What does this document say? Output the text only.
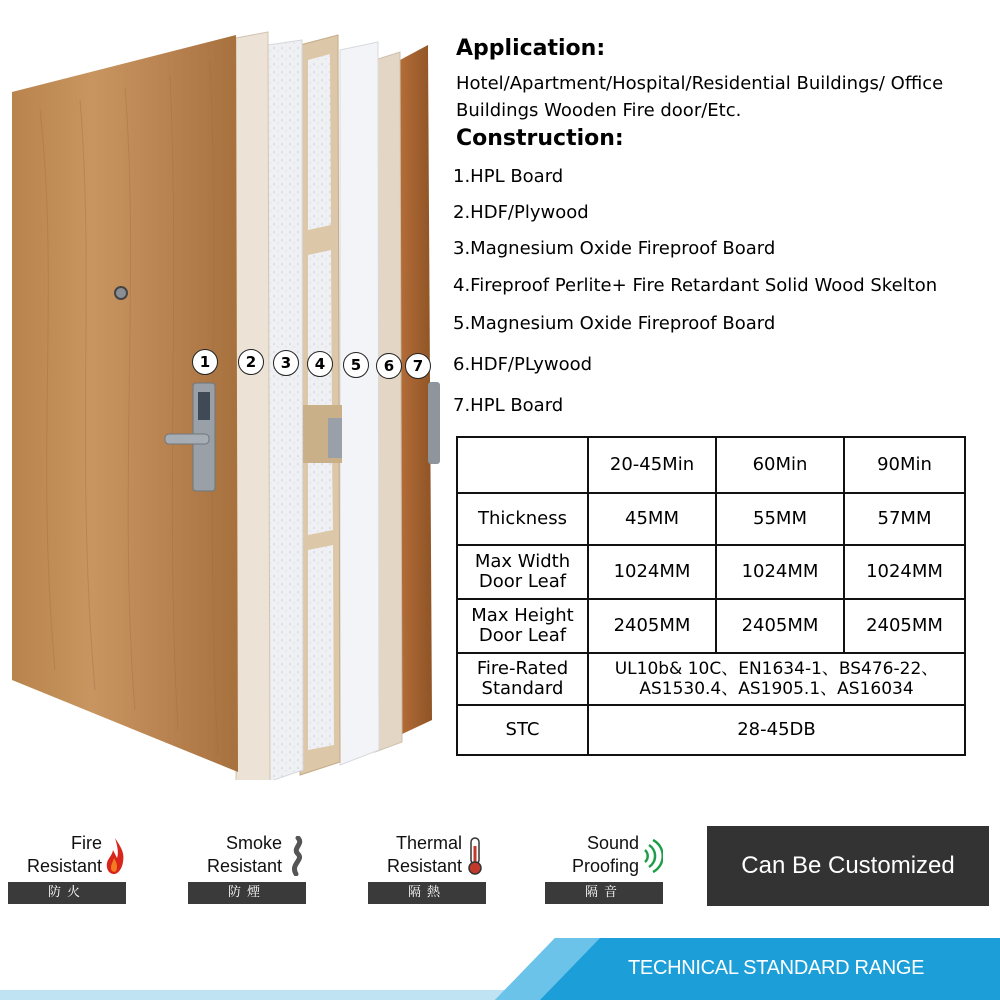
1	2	3	4	5	6	7
Application:
Hotel/Apartment/Hospital/Residential Buildings/ Office Buildings Wooden Fire door/Etc.
Construction:
1.HPL Board
2.HDF/Plywood
3.Magnesium Oxide Fireproof Board
4.Fireproof Perlite+ Fire Retardant Solid Wood Skelton
5.Magnesium Oxide Fireproof Board
6.HDF/PLywood
7.HPL Board
	20-45Min	60Min	90Min
Thickness	45MM	55MM	57MM
Max Width Door Leaf	1024MM	1024MM	1024MM
Max Height Door Leaf	2405MM	2405MM	2405MM
Fire-Rated Standard	UL10b& 10C、EN1634-1、BS476-22、AS1530.4、AS1905.1、AS16034		
STC	28-45DB		
Fire
Resistant
防火
Smoke
Resistant
防煙
Thermal
Resistant
隔熱
Sound
Proofing
隔音
Can Be Customized
TECHNICAL STANDARD RANGE
